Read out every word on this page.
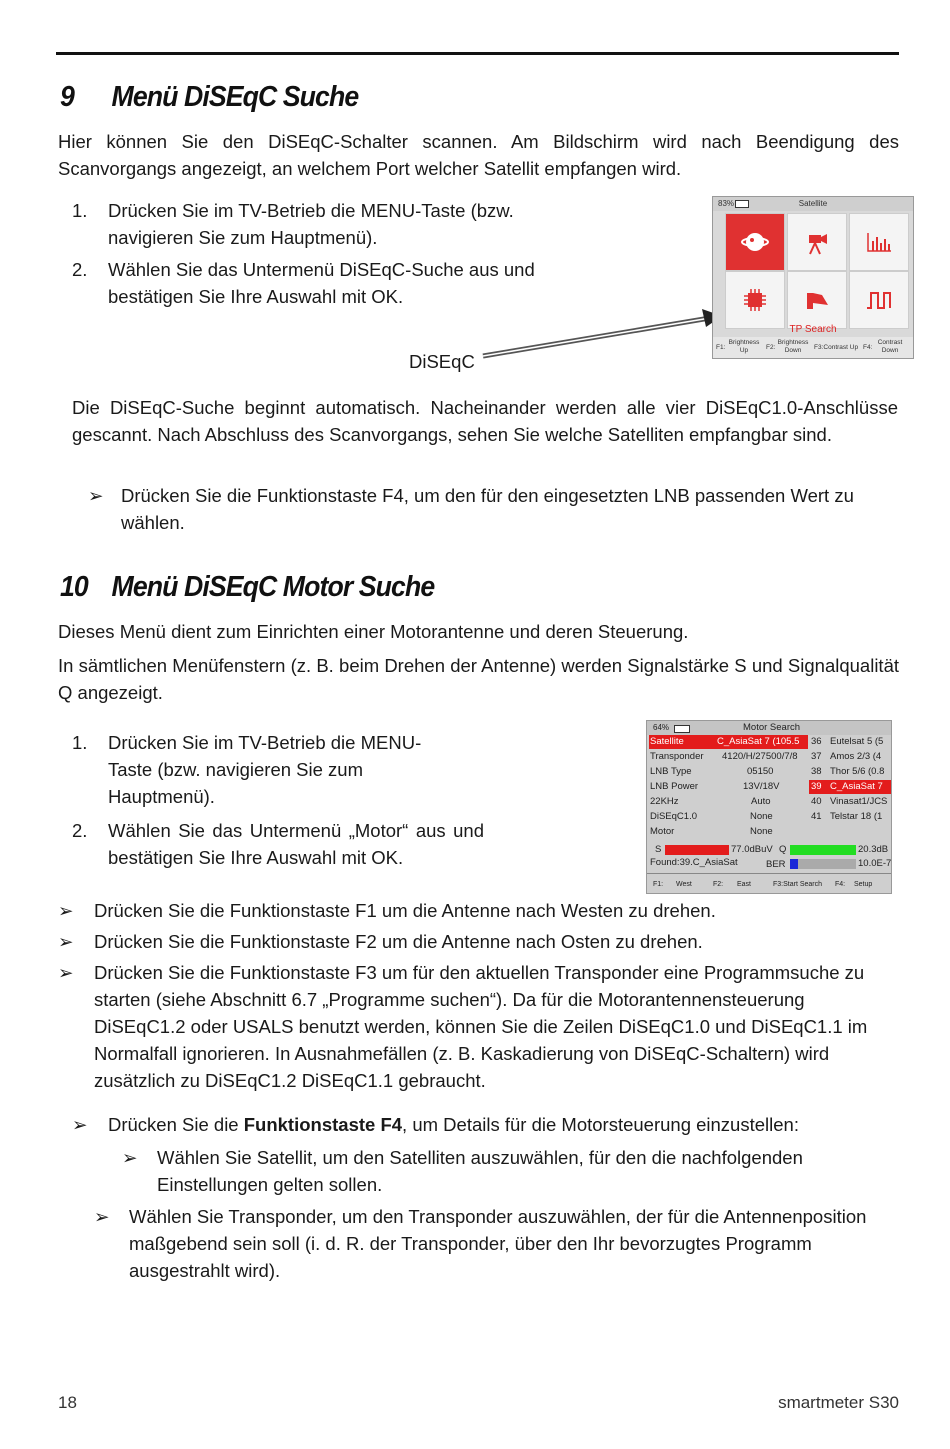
9 Menü DiSEqC Suche
Hier können Sie den DiSEqC-Schalter scannen. Am Bildschirm wird nach Beendigung des Scanvorgangs angezeigt, an welchem Port welcher Satellit empfangen wird.
1.	Drücken Sie im TV-Betrieb die MENU-Taste (bzw. navigieren Sie zum Hauptmenü).
2.	Wählen Sie das Untermenü DiSEqC-Suche aus und bestätigen Sie Ihre Auswahl mit OK.
DiSEqC
83%	Satellite
TP Search
F1:
Brightness Up	F2:
Brightness Down	F3:Contrast Up F4:
Contrast Down
Die DiSEqC-Suche beginnt automatisch. Nacheinander werden alle vier DiSEqC1.0-Anschlüsse gescannt. Nach Abschluss des Scanvorgangs, sehen Sie welche Satelliten empfangbar sind.
➢ Drücken Sie die Funktionstaste F4, um den für den eingesetzten LNB passenden Wert zu wählen.
10 Menü DiSEqC Motor Suche
Dieses Menü dient zum Einrichten einer Motorantenne und deren Steuerung.
In sämtlichen Menüfenstern (z. B. beim Drehen der Antenne) werden Signalstärke S und Signalqualität Q angezeigt.
1.	Drücken Sie im TV-Betrieb die MENU-Taste (bzw. navigieren Sie zum Hauptmenü).
2.	Wählen Sie das Untermenü „Motor“ aus und bestätigen Sie Ihre Auswahl mit OK.
64%	Motor Search
Satellite	C_AsiaSat 7 (105.5
Transponder 4120/H/27500/7/8
LNB Type	05150
LNB Power	13V/18V
22KHz	Auto
DiSEqC1.0	None
Motor	None
36 Eutelsat 5 (5
37 Amos 2/3 (4
38 Thor 5/6 (0.8
39 C_AsiaSat 7
40 Vinasat1/JCS
41 Telstar 18 (1
S	77.0dBuV Q	20.3dB
Found:39.C_AsiaSat	BER	10.0E-7
F1: West	F2: East	F3:Start Search F4: Setup
➢	Drücken Sie die Funktionstaste F1 um die Antenne nach Westen zu drehen.
➢	Drücken Sie die Funktionstaste F2 um die Antenne nach Osten zu drehen.
➢	Drücken Sie die Funktionstaste F3 um für den aktuellen Transponder eine Programmsuche zu starten (siehe Abschnitt 6.7 „Programme suchen“). Da für die Motorantennensteuerung DiSEqC1.2 oder USALS benutzt werden, können Sie die Zeilen DiSEqC1.0 und DiSEqC1.1 im Normalfall ignorieren. In Ausnahmefällen (z. B. Kaskadierung von DiSEqC-Schaltern) wird zusätzlich zu DiSEqC1.2 DiSEqC1.1 gebraucht.
➢	Drücken Sie die Funktionstaste F4, um Details für die Motorsteuerung einzustellen:
➢	Wählen Sie Satellit, um den Satelliten auszuwählen, für den die nachfolgenden Einstellungen gelten sollen.
➢	Wählen Sie Transponder, um den Transponder auszuwählen, der für die Antennenposition maßgebend sein soll (i. d. R. der Transponder, über den Ihr bevorzugtes Programm ausgestrahlt wird).
18	smartmeter S30
